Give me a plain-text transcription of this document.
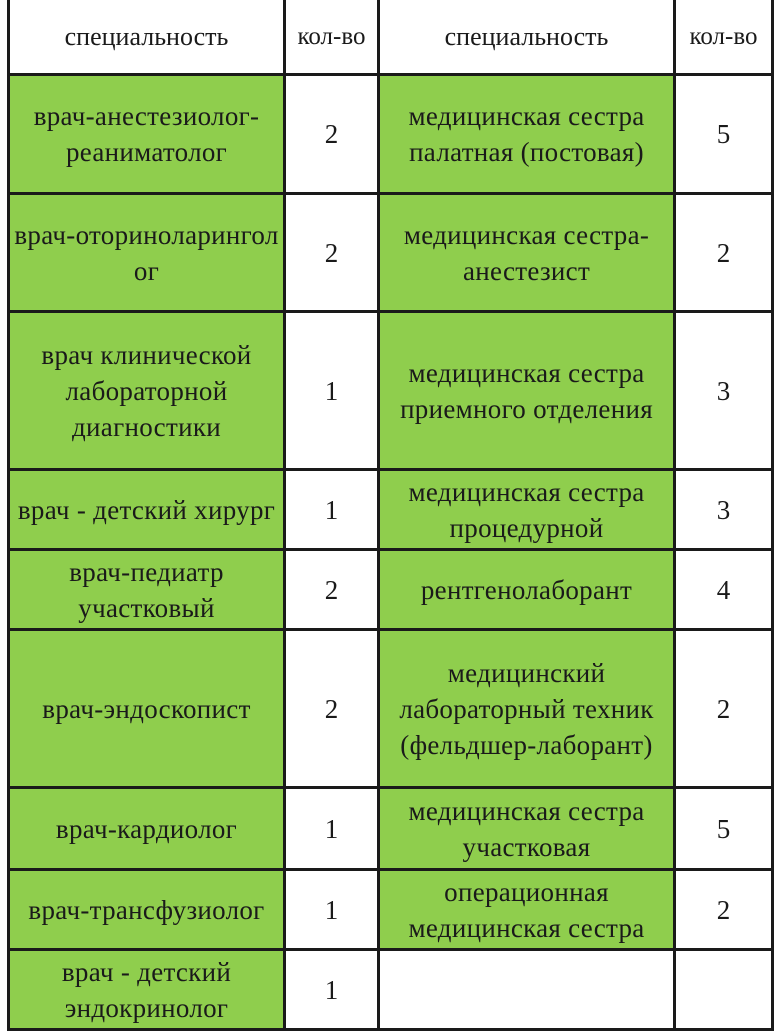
специальность	кол-во	специальность	кол-во
врач-анестезиолог-реаниматолог	2	медицинская сестра палатная (постовая)	5
врач-оториноларинголог	2	медицинская сестра-анестезист	2
врач клинической лабораторной диагностики	1	медицинская сестра приемного отделения	3
врач - детский хирург	1	медицинская сестра процедурной	3
врач-педиатр участковый	2	рентгенолаборант	4
врач-эндоскопист	2	медицинский лабораторный техник (фельдшер-лаборант)	2
врач-кардиолог	1	медицинская сестра участковая	5
врач-трансфузиолог	1	операционная медицинская сестра	2
врач - детский эндокринолог	1		
